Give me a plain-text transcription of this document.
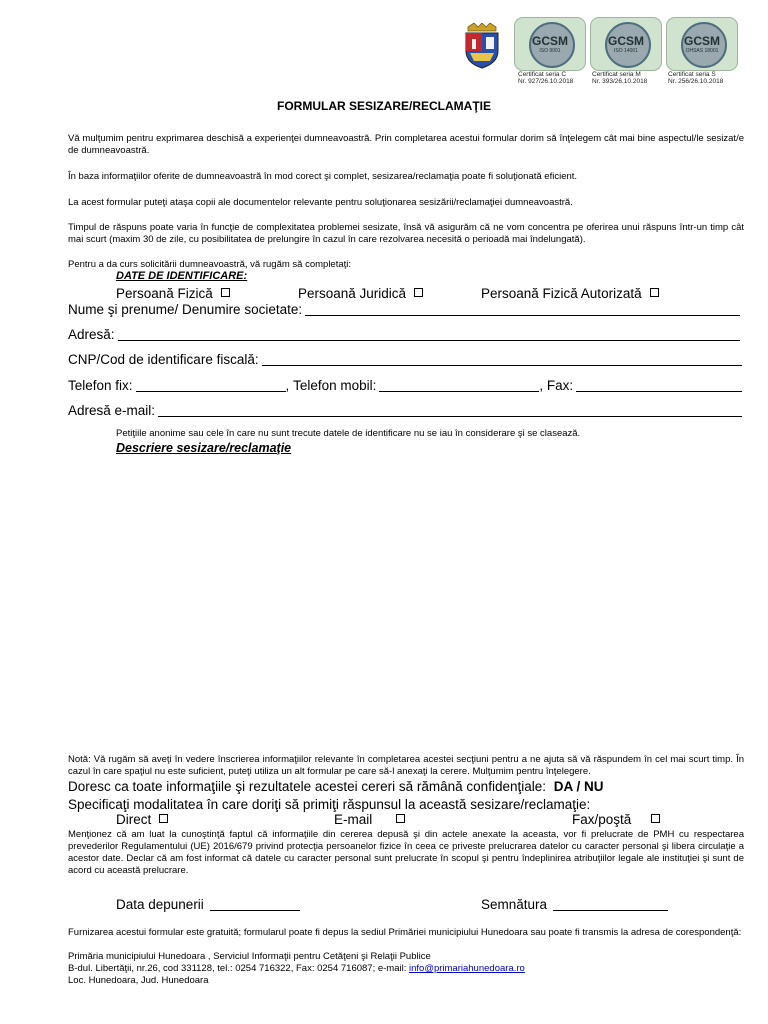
GCSM
ISO 9001
Certificat seria C
Nr. 927/26.10.2018
GCSM
ISO 14001
Certificat seria M
Nr. 393/26.10.2018
GCSM
OHSAS 18001
Certificat seria S
Nr. 256/26.10.2018
FORMULAR SESIZARE/RECLAMAŢIE
Vă mulţumim pentru exprimarea deschisă a experienţei dumneavoastră. Prin completarea acestui formular dorim să înţelegem cât mai bine aspectul/le sesizat/e de dumneavoastră.
În baza informaţiilor oferite de dumneavoastră în mod corect şi complet, sesizarea/reclamaţia poate fi soluţionată eficient.
La acest formular puteţi ataşa copii ale documentelor relevante pentru soluţionarea sesizării/reclamaţiei dumneavoastră.
Timpul de răspuns poate varia în funcţie de complexitatea problemei sesizate, însă vă asigurăm că ne vom concentra pe oferirea unui răspuns într-un timp cât mai scurt (maxim 30 de zile, cu posibilitatea de prelungire în cazul în care rezolvarea necesită o perioadă mai îndelungată).
Pentru a da curs solicitării dumneavoastră, vă rugăm să completaţi:
DATE DE IDENTIFICARE:
Persoană Fizică	Persoană Juridică	Persoană Fizică Autorizată
Nume şi prenume/ Denumire societate:
Adresă:
CNP/Cod de identificare fiscală:
Telefon fix:	, Telefon mobil:	, Fax:
Adresă e-mail:
Petiţiile anonime sau cele în care nu sunt trecute datele de identificare nu se iau în considerare şi se clasează.
Descriere sesizare/reclamaţie
Notă: Vă rugăm să aveţi în vedere înscrierea informaţiilor relevante în completarea acestei secţiuni pentru a ne ajuta să vă răspundem în cel mai scurt timp. În cazul în care spaţiul nu este suficient, puteţi utiliza un alt formular pe care să-l anexaţi la cerere. Mulţumim pentru înţelegere.
Doresc ca toate informaţiile şi rezultatele acestei cereri să rămână confidenţiale: DA / NU
Specificaţi modalitatea în care doriţi să primiţi răspunsul la această sesizare/reclamaţie:
Direct	E-mail	Fax/poştă
Menţionez că am luat la cunoştinţă faptul că informaţiile din cererea depusă şi din actele anexate la aceasta, vor fi prelucrate de PMH cu respectarea prevederilor Regulamentului (UE) 2016/679 privind protecţia persoanelor fizice în ceea ce priveste prelucrarea datelor cu caracter personal şi libera circulaţie a acestor date. Declar că am fost informat că datele cu caracter personal sunt prelucrate în scopul şi pentru îndeplinirea atribuţiilor legale ale instituţiei şi sunt de acord cu această prelucrare.
Data depunerii	Semnătura
Furnizarea acestui formular este gratuită; formularul poate fi depus la sediul Primăriei municipiului Hunedoara sau poate fi transmis la adresa de corespondenţă:
Primăria municipiului Hunedoara , Serviciul Informaţii pentru Cetăţeni şi Relaţii Publice
B-dul. Libertăţii, nr.26, cod 331128, tel.: 0254 716322, Fax: 0254 716087; e-mail: info@primariahunedoara.ro
Loc. Hunedoara, Jud. Hunedoara
